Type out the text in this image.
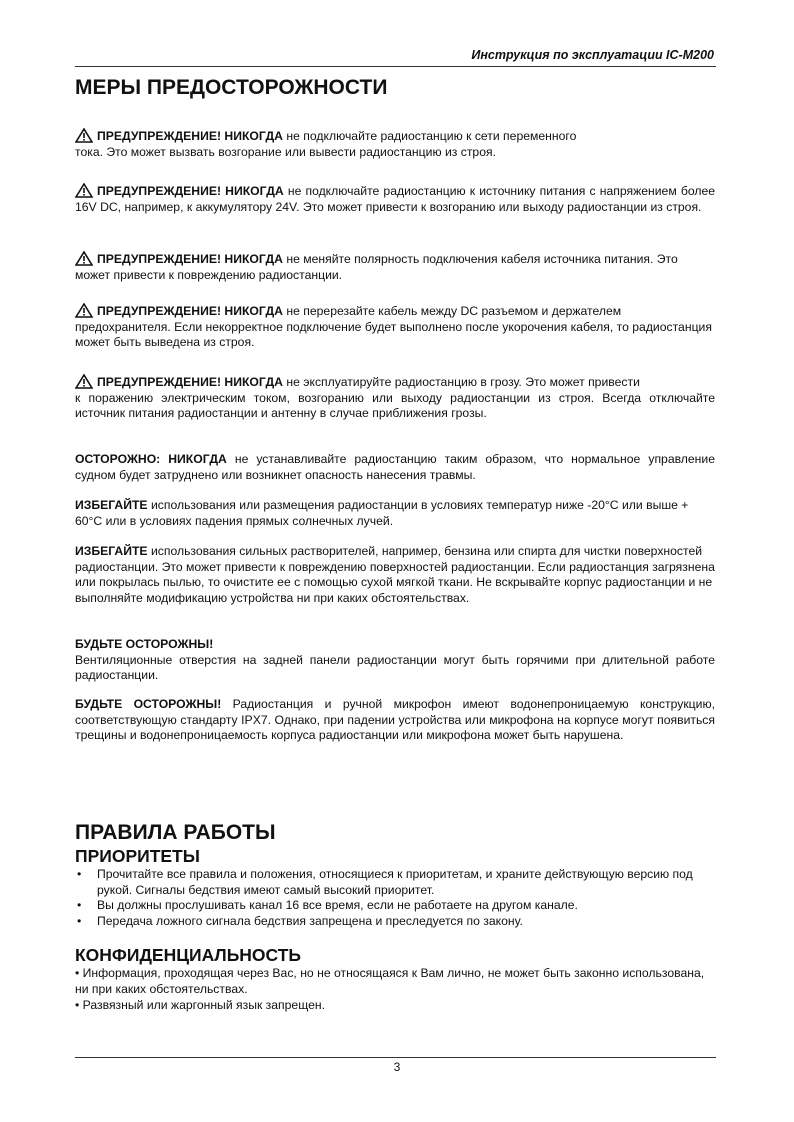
Инструкция по эксплуатации IC-M200
МЕРЫ ПРЕДОСТОРОЖНОСТИ
ПРЕДУПРЕЖДЕНИЕ! НИКОГДА не подключайте радиостанцию к сети переменного
тока. Это может вызвать возгорание или вывести радиостанцию из строя.
ПРЕДУПРЕЖДЕНИЕ! НИКОГДА не подключайте радиостанцию к источнику питания с напряжением более 16V DC, например, к аккумулятору 24V. Это может привести к возгоранию или выходу радиостанции из строя.
ПРЕДУПРЕЖДЕНИЕ! НИКОГДА не меняйте полярность подключения кабеля источника питания. Это может привести к повреждению радиостанции.
ПРЕДУПРЕЖДЕНИЕ! НИКОГДА не перерезайте кабель между DC разъемом и держателем
предохранителя. Если некорректное подключение будет выполнено после укорочения кабеля, то радиостанция может быть выведена из строя.
ПРЕДУПРЕЖДЕНИЕ! НИКОГДА не эксплуатируйте радиостанцию в грозу. Это может привести
к поражению электрическим током, возгоранию или выходу радиостанции из строя. Всегда отключайте источник питания радиостанции и антенну в случае приближения грозы.
ОСТОРОЖНО: НИКОГДА не устанавливайте радиостанцию таким образом, что нормальное управление судном будет затруднено или возникнет опасность нанесения травмы.
ИЗБЕГАЙТЕ использования или размещения радиостанции в условиях температур ниже -20°C или выше + 60°C или в условиях падения прямых солнечных лучей.
ИЗБЕГАЙТЕ использования сильных растворителей, например, бензина или спирта для чистки поверхностей радиостанции. Это может привести к повреждению поверхностей радиостанции. Если радиостанция загрязнена или покрылась пылью, то очистите ее с помощью сухой мягкой ткани. Не вскрывайте корпус радиостанции и не выполняйте модификацию устройства ни при каких обстоятельствах.
БУДЬТЕ ОСТОРОЖНЫ!
Вентиляционные отверстия на задней панели радиостанции могут быть горячими при длительной работе радиостанции.
БУДЬТЕ ОСТОРОЖНЫ! Радиостанция и ручной микрофон имеют водонепроницаемую конструкцию, соответствующую стандарту IPX7. Однако, при падении устройства или микрофона на корпусе могут появиться трещины и водонепроницаемость корпуса радиостанции или микрофона может быть нарушена.
ПРАВИЛА РАБОТЫ
ПРИОРИТЕТЫ
• Прочитайте все правила и положения, относящиеся к приоритетам, и храните действующую версию под рукой. Сигналы бедствия имеют самый высокий приоритет.
• Вы должны прослушивать канал 16 все время, если не работаете на другом канале.
• Передача ложного сигнала бедствия запрещена и преследуется по закону.
КОНФИДЕНЦИАЛЬНОСТЬ
• Информация, проходящая через Вас, но не относящаяся к Вам лично, не может быть законно использована, ни при каких обстоятельствах.
• Развязный или жаргонный язык запрещен.
3
